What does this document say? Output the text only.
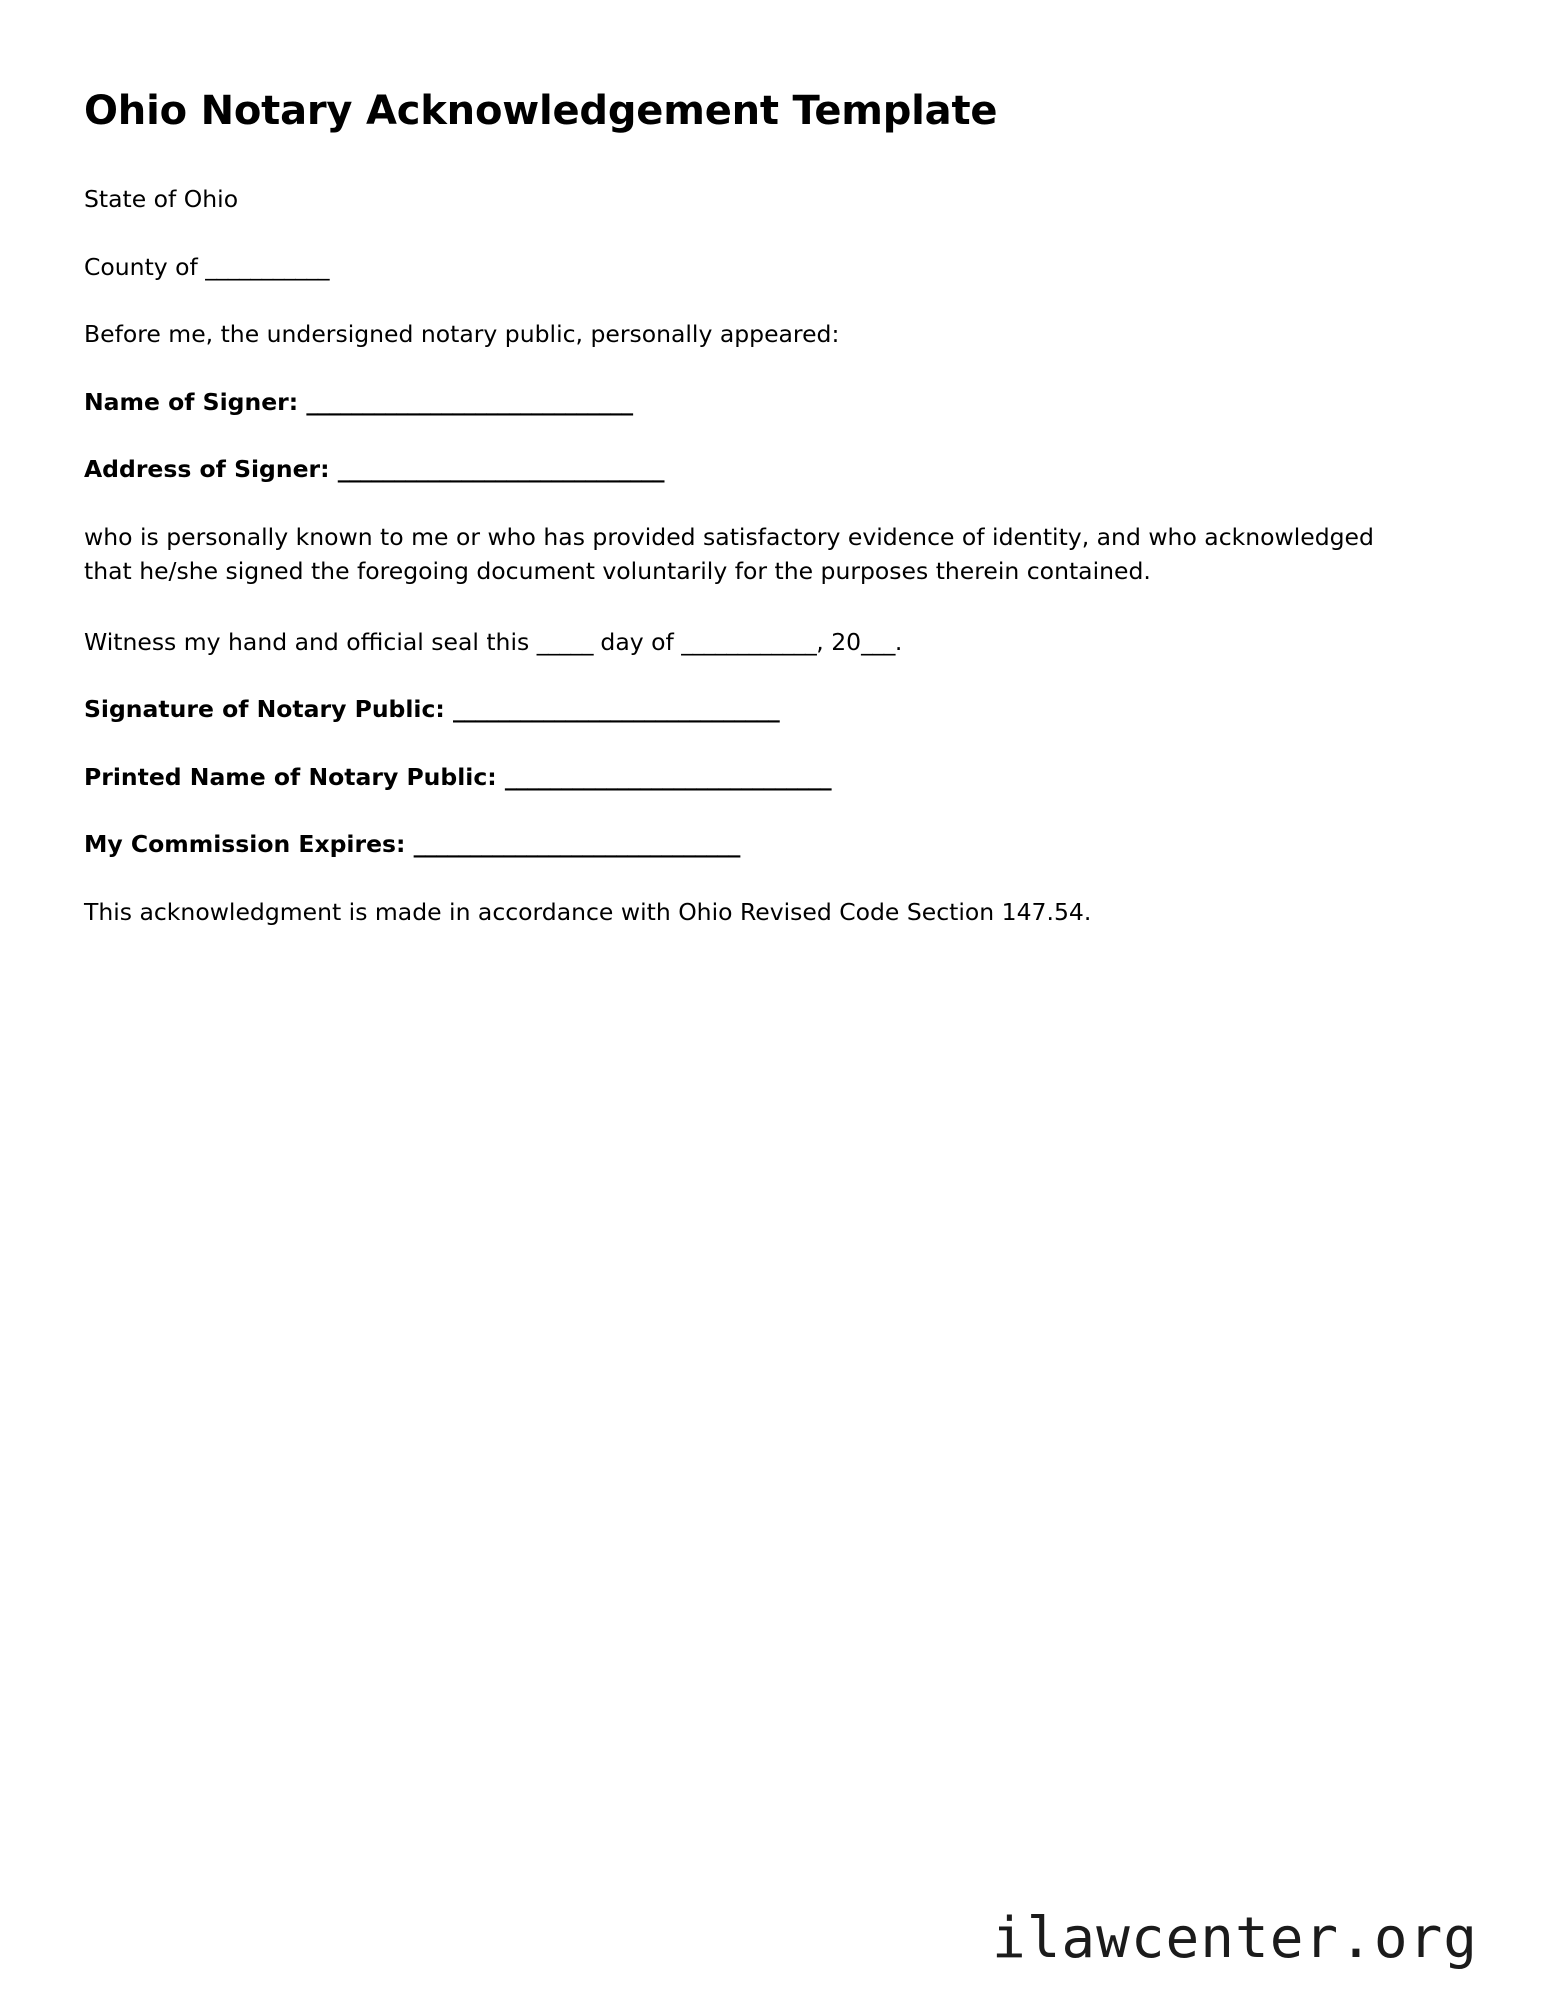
Ohio Notary Acknowledgement Template

State of Ohio

County of ___________

Before me, the undersigned notary public, personally appeared:

Name of Signer: _____________________________

Address of Signer: _____________________________

who is personally known to me or who has provided satisfactory evidence of identity, and who acknowledged that he/she signed the foregoing document voluntarily for the purposes therein contained.

Witness my hand and official seal this _____ day of ____________, 20___.

Signature of Notary Public: _____________________________

Printed Name of Notary Public: _____________________________

My Commission Expires: _____________________________

This acknowledgment is made in accordance with Ohio Revised Code Section 147.54.

ilawcenter.org
